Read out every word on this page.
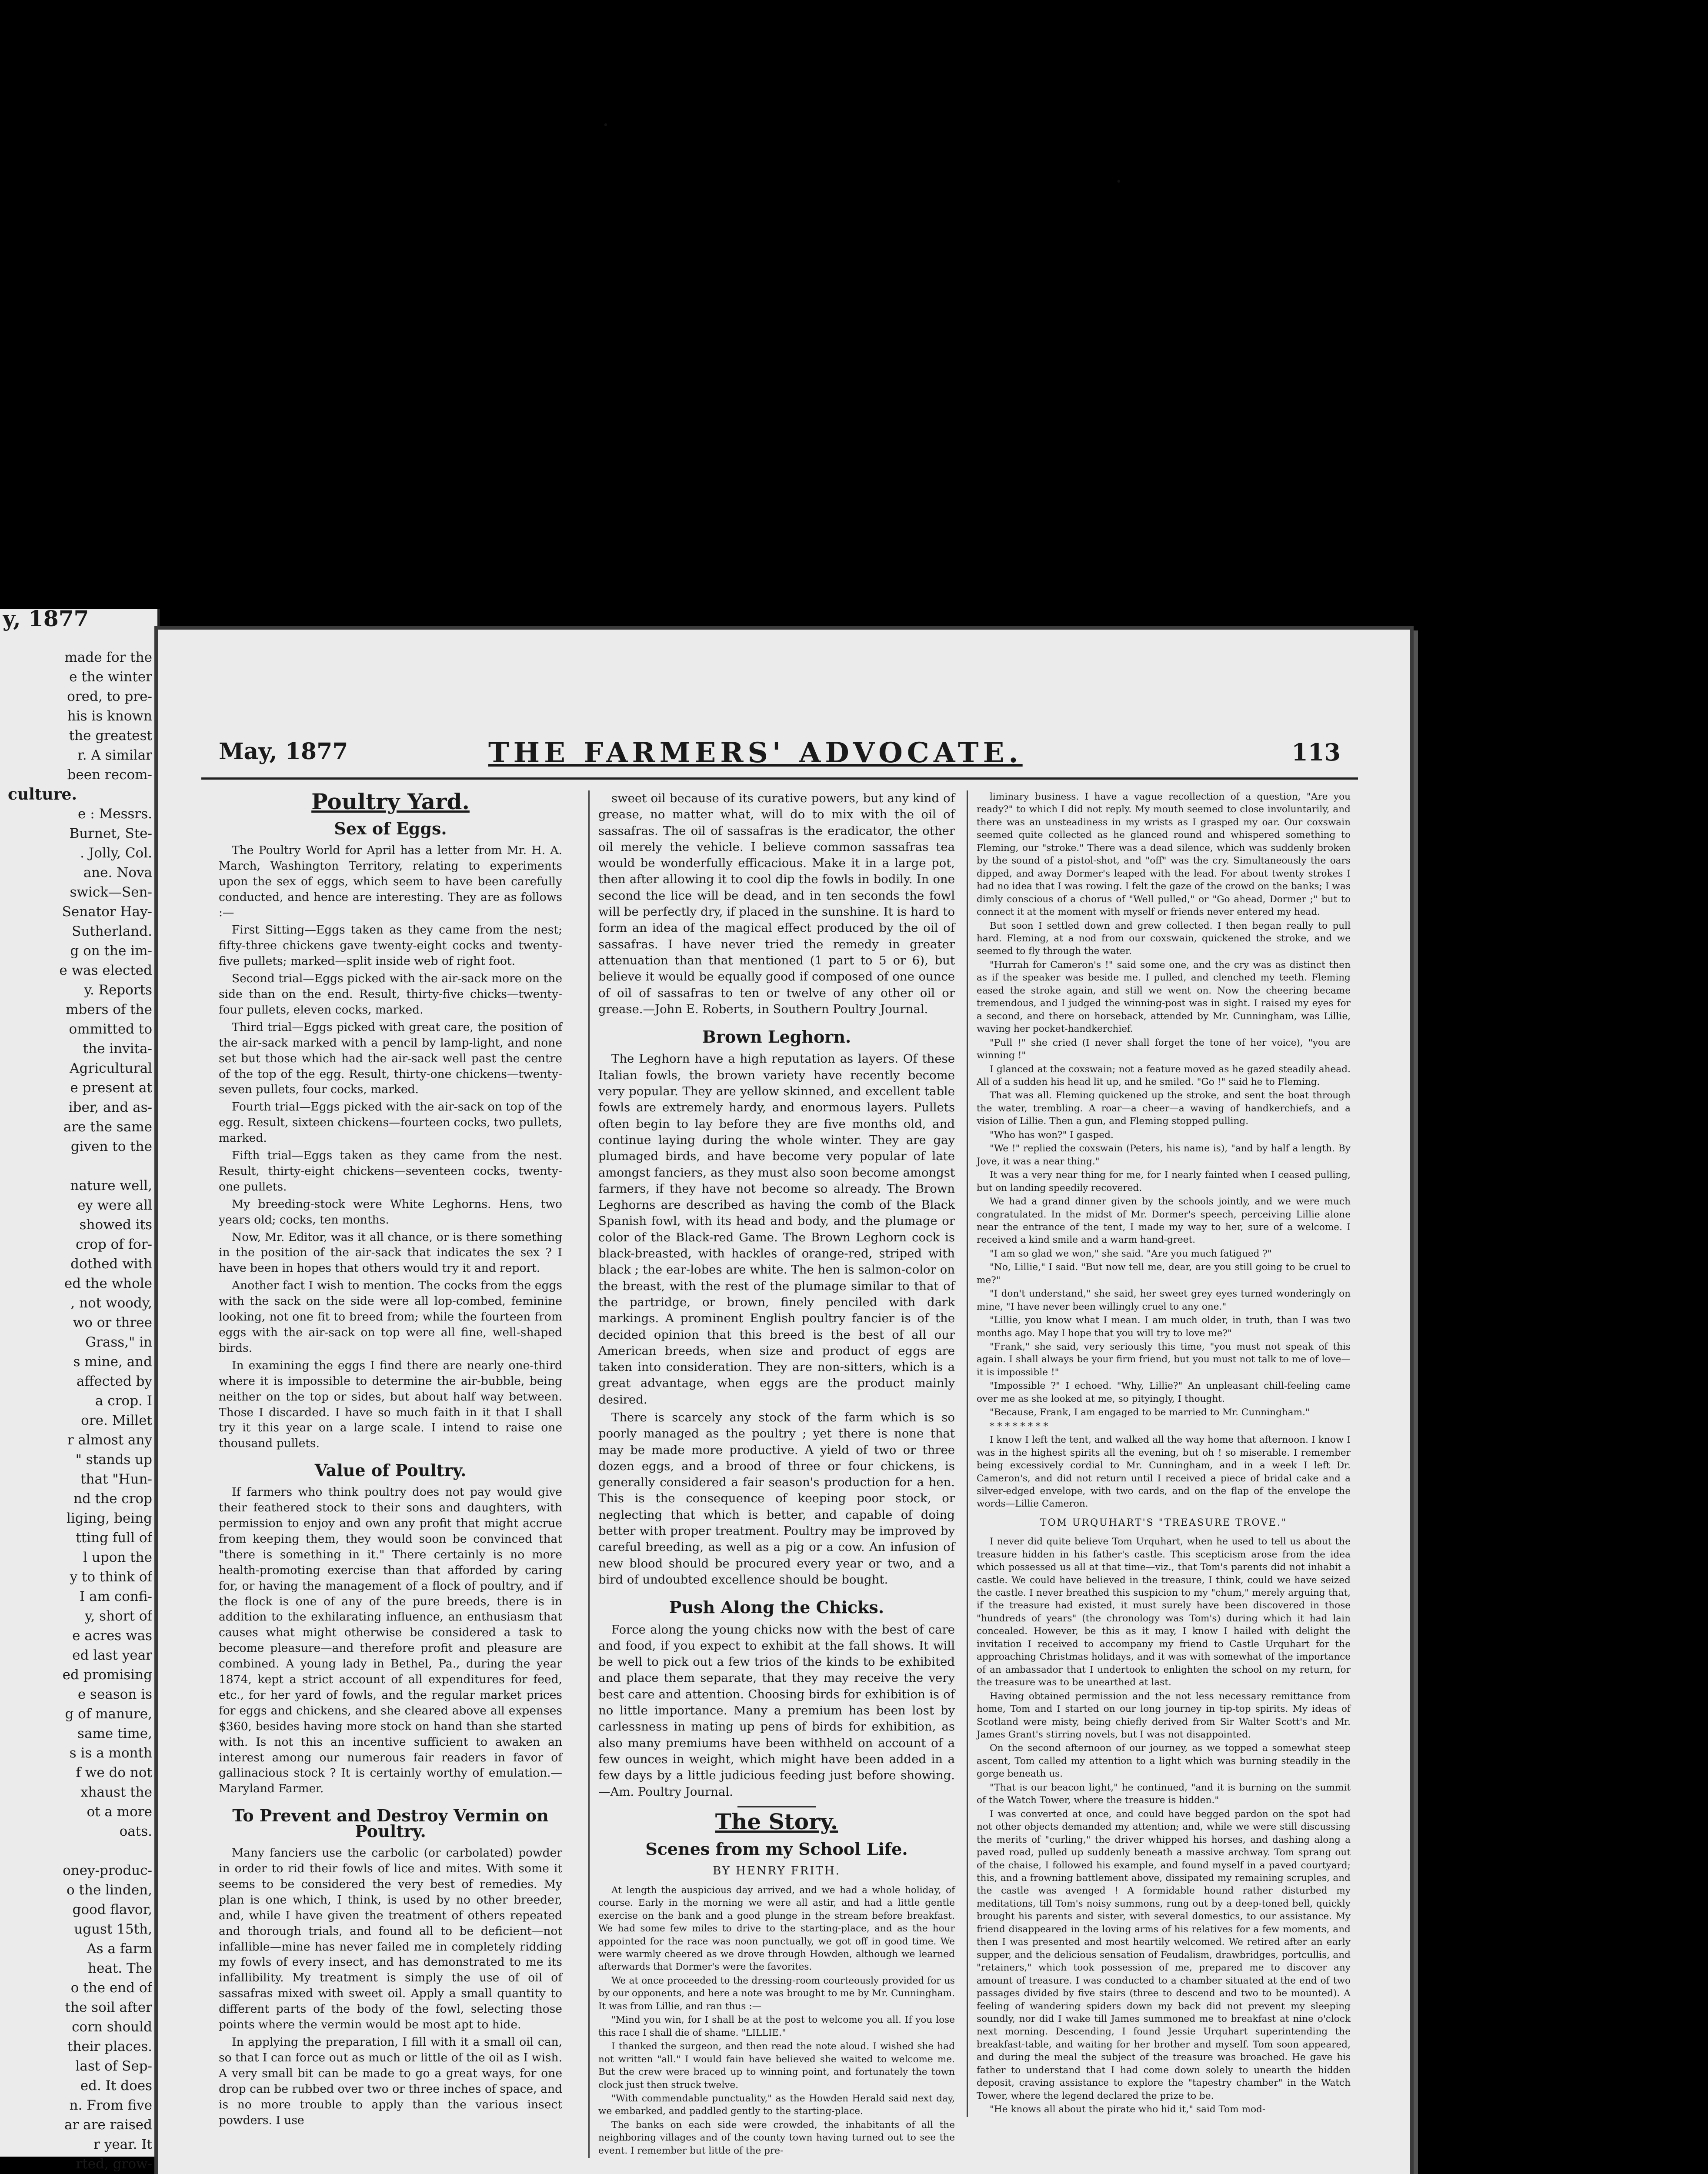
y, 1877
made for the
e the winter
ored, to pre-
his is known
the greatest
r. A similar
been recom-
culture.
e : Messrs.
Burnet, Ste-
. Jolly, Col.
ane. Nova
swick—Sen-
Senator Hay-
Sutherland.
g on the im-
e was elected
y. Reports
mbers of the
ommitted to
the invita-
Agricultural
e present at
iber, and as-
are the same
given to the
nature well,
ey were all
showed its
crop of for-
dothed with
ed the whole
, not woody,
wo or three
Grass," in
s mine, and
affected by
a crop. I
ore. Millet
r almost any
" stands up
that "Hun-
nd the crop
liging, being
tting full of
l upon the
y to think of
I am confi-
y, short of
e acres was
ed last year
ed promising
e season is
g of manure,
same time,
s is a month
f we do not
xhaust the
ot a more
oats.
oney-produc-
o the linden,
good flavor,
ugust 15th,
As a farm
heat. The
o the end of
the soil after
corn should
their places.
last of Sep-
ed. It does
n. From five
ar are raised
r year. It
rted, grow-
May, 1877	THE FARMERS' ADVOCATE.	113
Poultry Yard.
Sex of Eggs.

The Poultry World for April has a letter from Mr. H. A. March, Washington Territory, relating to experiments upon the sex of eggs, which seem to have been carefully conducted, and hence are interesting. They are as follows :—

First Sitting—Eggs taken as they came from the nest; fifty-three chickens gave twenty-eight cocks and twenty-five pullets; marked—split inside web of right foot.

Second trial—Eggs picked with the air-sack more on the side than on the end. Result, thirty-five chicks—twenty-four pullets, eleven cocks, marked.

Third trial—Eggs picked with great care, the position of the air-sack marked with a pencil by lamp-light, and none set but those which had the air-sack well past the centre of the top of the egg. Result, thirty-one chickens—twenty-seven pullets, four cocks, marked.

Fourth trial—Eggs picked with the air-sack on top of the egg. Result, sixteen chickens—fourteen cocks, two pullets, marked.

Fifth trial—Eggs taken as they came from the nest. Result, thirty-eight chickens—seventeen cocks, twenty-one pullets.

My breeding-stock were White Leghorns. Hens, two years old; cocks, ten months.

Now, Mr. Editor, was it all chance, or is there something in the position of the air-sack that indicates the sex ? I have been in hopes that others would try it and report.

Another fact I wish to mention. The cocks from the eggs with the sack on the side were all lop-combed, feminine looking, not one fit to breed from; while the fourteen from eggs with the air-sack on top were all fine, well-shaped birds.

In examining the eggs I find there are nearly one-third where it is impossible to determine the air-bubble, being neither on the top or sides, but about half way between. Those I discarded. I have so much faith in it that I shall try it this year on a large scale. I intend to raise one thousand pullets.

Value of Poultry.

If farmers who think poultry does not pay would give their feathered stock to their sons and daughters, with permission to enjoy and own any profit that might accrue from keeping them, they would soon be convinced that "there is something in it." There certainly is no more health-promoting exercise than that afforded by caring for, or having the management of a flock of poultry, and if the flock is one of any of the pure breeds, there is in addition to the exhilarating influence, an enthusiasm that causes what might otherwise be considered a task to become pleasure—and therefore profit and pleasure are combined. A young lady in Bethel, Pa., during the year 1874, kept a strict account of all expenditures for feed, etc., for her yard of fowls, and the regular market prices for eggs and chickens, and she cleared above all expenses $360, besides having more stock on hand than she started with. Is not this an incentive sufficient to awaken an interest among our numerous fair readers in favor of gallinacious stock ? It is certainly worthy of emulation.—Maryland Farmer.

To Prevent and Destroy Vermin on Poultry.

Many fanciers use the carbolic (or carbolated) powder in order to rid their fowls of lice and mites. With some it seems to be considered the very best of remedies. My plan is one which, I think, is used by no other breeder, and, while I have given the treatment of others repeated and thorough trials, and found all to be deficient—not infallible—mine has never failed me in completely ridding my fowls of every insect, and has demonstrated to me its infallibility. My treatment is simply the use of oil of sassafras mixed with sweet oil. Apply a small quantity to different parts of the body of the fowl, selecting those points where the vermin would be most apt to hide.

In applying the preparation, I fill with it a small oil can, so that I can force out as much or little of the oil as I wish. A very small bit can be made to go a great ways, for one drop can be rubbed over two or three inches of space, and is no more trouble to apply than the various insect powders. I use

sweet oil because of its curative powers, but any kind of grease, no matter what, will do to mix with the oil of sassafras. The oil of sassafras is the eradicator, the other oil merely the vehicle. I believe common sassafras tea would be wonderfully efficacious. Make it in a large pot, then after allowing it to cool dip the fowls in bodily. In one second the lice will be dead, and in ten seconds the fowl will be perfectly dry, if placed in the sunshine. It is hard to form an idea of the magical effect produced by the oil of sassafras. I have never tried the remedy in greater attenuation than that mentioned (1 part to 5 or 6), but believe it would be equally good if composed of one ounce of oil of sassafras to ten or twelve of any other oil or grease.—John E. Roberts, in Southern Poultry Journal.

Brown Leghorn.

The Leghorn have a high reputation as layers. Of these Italian fowls, the brown variety have recently become very popular. They are yellow skinned, and excellent table fowls are extremely hardy, and enormous layers. Pullets often begin to lay before they are five months old, and continue laying during the whole winter. They are gay plumaged birds, and have become very popular of late amongst fanciers, as they must also soon become amongst farmers, if they have not become so already. The Brown Leghorns are described as having the comb of the Black Spanish fowl, with its head and body, and the plumage or color of the Black-red Game. The Brown Leghorn cock is black-breasted, with hackles of orange-red, striped with black ; the ear-lobes are white. The hen is salmon-color on the breast, with the rest of the plumage similar to that of the partridge, or brown, finely penciled with dark markings. A prominent English poultry fancier is of the decided opinion that this breed is the best of all our American breeds, when size and product of eggs are taken into consideration. They are non-sitters, which is a great advantage, when eggs are the product mainly desired.

There is scarcely any stock of the farm which is so poorly managed as the poultry ; yet there is none that may be made more productive. A yield of two or three dozen eggs, and a brood of three or four chickens, is generally considered a fair season's production for a hen. This is the consequence of keeping poor stock, or neglecting that which is better, and capable of doing better with proper treatment. Poultry may be improved by careful breeding, as well as a pig or a cow. An infusion of new blood should be procured every year or two, and a bird of undoubted excellence should be bought.

Push Along the Chicks.

Force along the young chicks now with the best of care and food, if you expect to exhibit at the fall shows. It will be well to pick out a few trios of the kinds to be exhibited and place them separate, that they may receive the very best care and attention. Choosing birds for exhibition is of no little importance. Many a premium has been lost by carlessness in mating up pens of birds for exhibition, as also many premiums have been withheld on account of a few ounces in weight, which might have been added in a few days by a little judicious feeding just before showing.—Am. Poultry Journal.

The Story.
Scenes from my School Life.
BY HENRY FRITH.

At length the auspicious day arrived, and we had a whole holiday, of course. Early in the morning we were all astir, and had a little gentle exercise on the bank and a good plunge in the stream before breakfast. We had some few miles to drive to the starting-place, and as the hour appointed for the race was noon punctually, we got off in good time. We were warmly cheered as we drove through Howden, although we learned afterwards that Dormer's were the favorites.

We at once proceeded to the dressing-room courteously provided for us by our opponents, and here a note was brought to me by Mr. Cunningham. It was from Lillie, and ran thus :—

"Mind you win, for I shall be at the post to welcome you all. If you lose this race I shall die of shame. "LILLIE."

I thanked the surgeon, and then read the note aloud. I wished she had not written "all." I would fain have believed she waited to welcome me. But the crew were braced up to winning point, and fortunately the town clock just then struck twelve.

"With commendable punctuality," as the Howden Herald said next day, we embarked, and paddled gently to the starting-place.

The banks on each side were crowded, the inhabitants of all the neighboring villages and of the county town having turned out to see the event. I remember but little of the pre-

liminary business. I have a vague recollection of a question, "Are you ready?" to which I did not reply. My mouth seemed to close involuntarily, and there was an unsteadiness in my wrists as I grasped my oar. Our coxswain seemed quite collected as he glanced round and whispered something to Fleming, our "stroke." There was a dead silence, which was suddenly broken by the sound of a pistol-shot, and "off" was the cry. Simultaneously the oars dipped, and away Dormer's leaped with the lead. For about twenty strokes I had no idea that I was rowing. I felt the gaze of the crowd on the banks; I was dimly conscious of a chorus of "Well pulled," or "Go ahead, Dormer ;" but to connect it at the moment with myself or friends never entered my head.

But soon I settled down and grew collected. I then began really to pull hard. Fleming, at a nod from our coxswain, quickened the stroke, and we seemed to fly through the water.

"Hurrah for Cameron's !" said some one, and the cry was as distinct then as if the speaker was beside me. I pulled, and clenched my teeth. Fleming eased the stroke again, and still we went on. Now the cheering became tremendous, and I judged the winning-post was in sight. I raised my eyes for a second, and there on horseback, attended by Mr. Cunningham, was Lillie, waving her pocket-handkerchief.

"Pull !" she cried (I never shall forget the tone of her voice), "you are winning !"

I glanced at the coxswain; not a feature moved as he gazed steadily ahead. All of a sudden his head lit up, and he smiled. "Go !" said he to Fleming.

That was all. Fleming quickened up the stroke, and sent the boat through the water, trembling. A roar—a cheer—a waving of handkerchiefs, and a vision of Lillie. Then a gun, and Fleming stopped pulling.

"Who has won?" I gasped.

"We !" replied the coxswain (Peters, his name is), "and by half a length. By Jove, it was a near thing."

It was a very near thing for me, for I nearly fainted when I ceased pulling, but on landing speedily recovered.

We had a grand dinner given by the schools jointly, and we were much congratulated. In the midst of Mr. Dormer's speech, perceiving Lillie alone near the entrance of the tent, I made my way to her, sure of a welcome. I received a kind smile and a warm hand-greet.

"I am so glad we won," she said. "Are you much fatigued ?"

"No, Lillie," I said. "But now tell me, dear, are you still going to be cruel to me?"

"I don't understand," she said, her sweet grey eyes turned wonderingly on mine, "I have never been willingly cruel to any one."

"Lillie, you know what I mean. I am much older, in truth, than I was two months ago. May I hope that you will try to love me?"

"Frank," she said, very seriously this time, "you must not speak of this again. I shall always be your firm friend, but you must not talk to me of love—it is impossible !"

"Impossible ?" I echoed. "Why, Lillie?" An unpleasant chill-feeling came over me as she looked at me, so pityingly, I thought.

"Because, Frank, I am engaged to be married to Mr. Cunningham."

* * * * * * * *

I know I left the tent, and walked all the way home that afternoon. I know I was in the highest spirits all the evening, but oh ! so miserable. I remember being excessively cordial to Mr. Cunningham, and in a week I left Dr. Cameron's, and did not return until I received a piece of bridal cake and a silver-edged envelope, with two cards, and on the flap of the envelope the words—Lillie Cameron.

TOM URQUHART'S "TREASURE TROVE."

I never did quite believe Tom Urquhart, when he used to tell us about the treasure hidden in his father's castle. This scepticism arose from the idea which possessed us all at that time—viz., that Tom's parents did not inhabit a castle. We could have believed in the treasure, I think, could we have seized the castle. I never breathed this suspicion to my "chum," merely arguing that, if the treasure had existed, it must surely have been discovered in those "hundreds of years" (the chronology was Tom's) during which it had lain concealed. However, be this as it may, I know I hailed with delight the invitation I received to accompany my friend to Castle Urquhart for the approaching Christmas holidays, and it was with somewhat of the importance of an ambassador that I undertook to enlighten the school on my return, for the treasure was to be unearthed at last.

Having obtained permission and the not less necessary remittance from home, Tom and I started on our long journey in tip-top spirits. My ideas of Scotland were misty, being chiefly derived from Sir Walter Scott's and Mr. James Grant's stirring novels, but I was not disappointed.

On the second afternoon of our journey, as we topped a somewhat steep ascent, Tom called my attention to a light which was burning steadily in the gorge beneath us.

"That is our beacon light," he continued, "and it is burning on the summit of the Watch Tower, where the treasure is hidden."

I was converted at once, and could have begged pardon on the spot had not other objects demanded my attention; and, while we were still discussing the merits of "curling," the driver whipped his horses, and dashing along a paved road, pulled up suddenly beneath a massive archway. Tom sprang out of the chaise, I followed his example, and found myself in a paved courtyard; this, and a frowning battlement above, dissipated my remaining scruples, and the castle was avenged ! A formidable hound rather disturbed my meditations, till Tom's noisy summons, rung out by a deep-toned bell, quickly brought his parents and sister, with several domestics, to our assistance. My friend disappeared in the loving arms of his relatives for a few moments, and then I was presented and most heartily welcomed. We retired after an early supper, and the delicious sensation of Feudalism, drawbridges, portcullis, and "retainers," which took possession of me, prepared me to discover any amount of treasure. I was conducted to a chamber situated at the end of two passages divided by five stairs (three to descend and two to be mounted). A feeling of wandering spiders down my back did not prevent my sleeping soundly, nor did I wake till James summoned me to breakfast at nine o'clock next morning. Descending, I found Jessie Urquhart superintending the breakfast-table, and waiting for her brother and myself. Tom soon appeared, and during the meal the subject of the treasure was broached. He gave his father to understand that I had come down solely to unearth the hidden deposit, craving assistance to explore the "tapestry chamber" in the Watch Tower, where the legend declared the prize to be.

"He knows all about the pirate who hid it," said Tom mod-

·
·
